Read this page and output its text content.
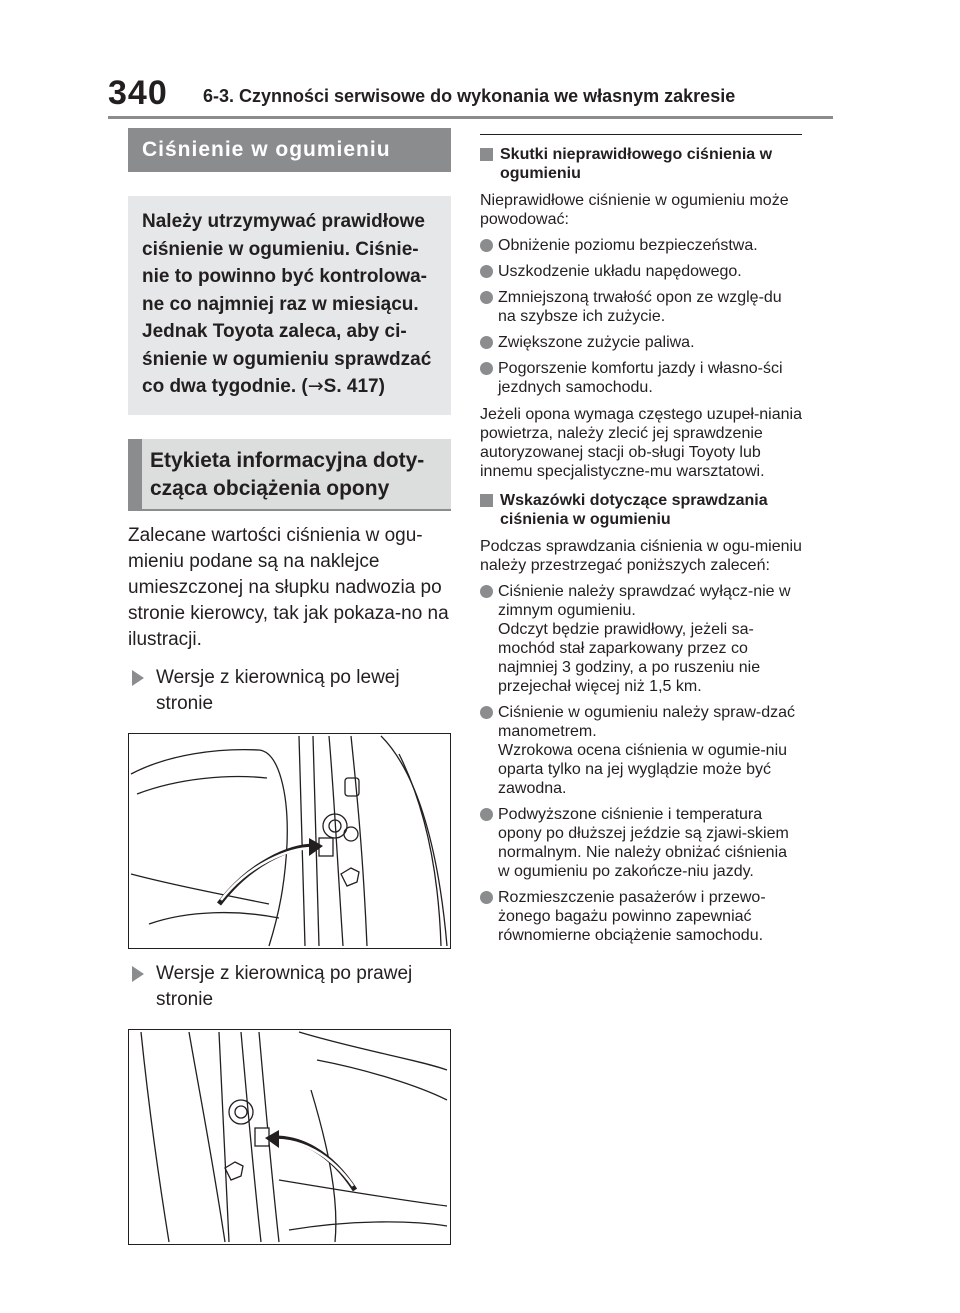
340 6-3. Czynności serwisowe do wykonania we własnym zakresie
Ciśnienie w ogumieniu
Należy utrzymywać prawidłowe ciśnienie w ogumieniu. Ciśnie-nie to powinno być kontrolowa-ne co najmniej raz w miesiącu. Jednak Toyota zaleca, aby ci-śnienie w ogumieniu sprawdzać co dwa tygodnie. (→S. 417)
Etykieta informacyjna doty-cząca obciążenia opony
Zalecane wartości ciśnienia w ogu-mieniu podane są na naklejce umieszczonej na słupku nadwozia po stronie kierowcy, tak jak pokaza-no na ilustracji.
Wersje z kierownicą po lewej stronie
Wersje z kierownicą po prawej stronie
Skutki nieprawidłowego ciśnienia w ogumieniu
Nieprawidłowe ciśnienie w ogumieniu może powodować:
Obniżenie poziomu bezpieczeństwa.
Uszkodzenie układu napędowego.
Zmniejszoną trwałość opon ze wzglę-du na szybsze ich zużycie.
Zwiększone zużycie paliwa.
Pogorszenie komfortu jazdy i własno-ści jezdnych samochodu.
Jeżeli opona wymaga częstego uzupeł-niania powietrza, należy zlecić jej sprawdzenie autoryzowanej stacji ob-sługi Toyoty lub innemu specjalistyczne-mu warsztatowi.
Wskazówki dotyczące sprawdzania ciśnienia w ogumieniu
Podczas sprawdzania ciśnienia w ogu-mieniu należy przestrzegać poniższych zaleceń:
Ciśnienie należy sprawdzać wyłącz-nie w zimnym ogumieniu.
Odczyt będzie prawidłowy, jeżeli sa-mochód stał zaparkowany przez co najmniej 3 godziny, a po ruszeniu nie przejechał więcej niż 1,5 km.
Ciśnienie w ogumieniu należy spraw-dzać manometrem.
Wzrokowa ocena ciśnienia w ogumie-niu oparta tylko na jej wyglądzie może być zawodna.
Podwyższone ciśnienie i temperatura opony po dłuższej jeździe są zjawi-skiem normalnym. Nie należy obniżać ciśnienia w ogumieniu po zakończe-niu jazdy.
Rozmieszczenie pasażerów i przewo-żonego bagażu powinno zapewniać równomierne obciążenie samochodu.
